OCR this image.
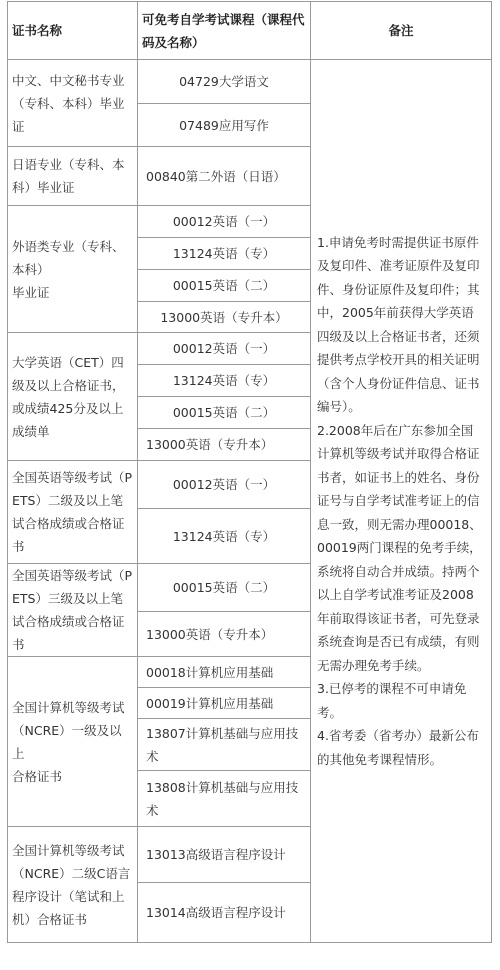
证书名称	可免考自学考试课程（课程代码及名称）	备注
中文、中文秘书专业（专科、本科）毕业证	04729大学语文	1.申请免考时需提供证书原件及复印件、准考证原件及复印件、身份证原件及复印件；其中，2005年前获得大学英语四级及以上合格证书者，还须提供考点学校开具的相关证明（含个人身份证件信息、证书编号）。
2.2008年后在广东参加全国计算机等级考试并取得合格证书者，如证书上的姓名、身份证号与自学考试准考证上的信息一致，则无需办理00018、00019两门课程的免考手续，系统将自动合并成绩。持两个以上自学考试准考证及2008年前取得该证书者，可先登录系统查询是否已有成绩，有则无需办理免考手续。
3.已停考的课程不可申请免考。
4.省考委（省考办）最新公布的其他免考课程情形。

	07489应用写作	
日语专业（专科、本科）毕业证	00840第二外语（日语）	
外语类专业（专科、本科）
毕业证	00012英语（一）	
	13124英语（专）	
	00015英语（二）	
	13000英语（专升本）	
大学英语（CET）四级及以上合格证书，或成绩425分及以上成绩单	00012英语（一）	
	13124英语（专）	
	00015英语（二）	
	13000英语（专升本）	
全国英语等级考试（PETS）二级及以上笔试合格成绩或合格证书	00012英语（一）	
	13124英语（专）	
全国英语等级考试（PETS）三级及以上笔试合格成绩或合格证书	00015英语（二）	
	13000英语（专升本）	
全国计算机等级考试（NCRE）一级及以上
合格证书	00018计算机应用基础	
	00019计算机应用基础	
	13807计算机基础与应用技术	
	13808计算机基础与应用技术	
全国计算机等级考试（NCRE）二级C语言程序设计（笔试和上机）合格证书	13013高级语言程序设计	
	13014高级语言程序设计	
